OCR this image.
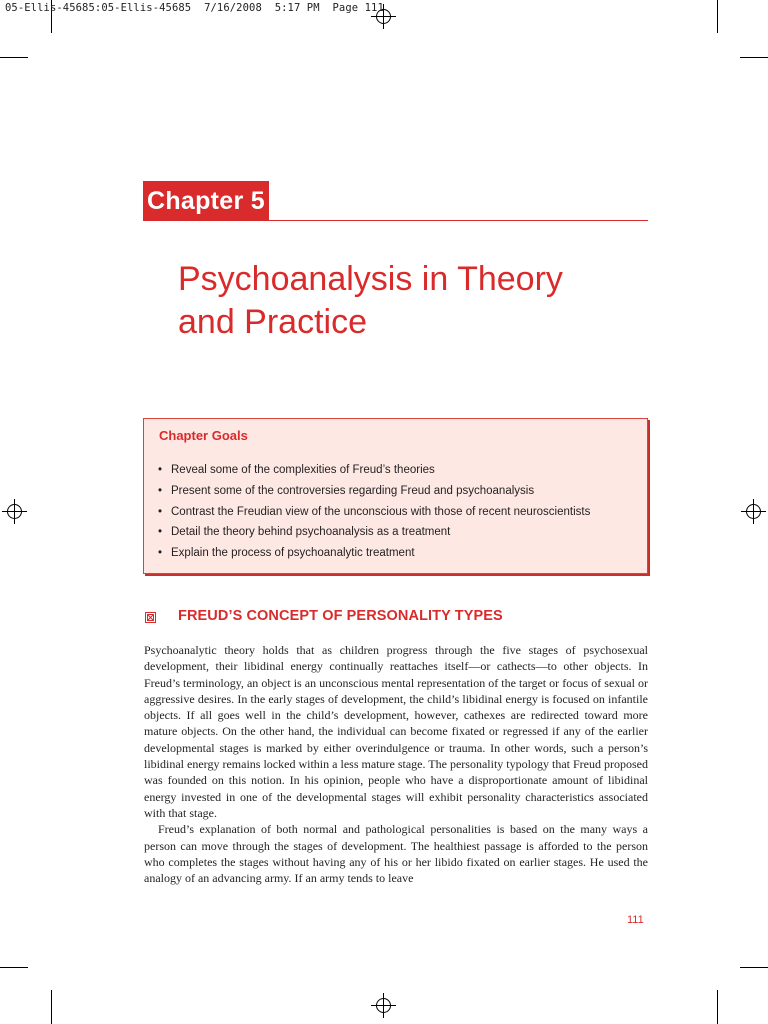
05-Ellis-45685:05-Ellis-45685  7/16/2008  5:17 PM  Page 111
Chapter 5
Psychoanalysis in Theory
and Practice
Chapter Goals
• Reveal some of the complexities of Freud’s theories
• Present some of the controversies regarding Freud and psychoanalysis
• Contrast the Freudian view of the unconscious with those of recent neuroscientists
• Detail the theory behind psychoanalysis as a treatment
• Explain the process of psychoanalytic treatment
FREUD’S CONCEPT OF PERSONALITY TYPES

Psychoanalytic theory holds that as children progress through the five stages of psychosexual development, their libidinal energy continually reattaches itself—or cathects—to other objects. In Freud’s terminology, an object is an unconscious mental representation of the target or focus of sexual or aggressive desires. In the early stages of development, the child’s libidinal energy is focused on infantile objects. If all goes well in the child’s development, however, cathexes are redirected toward more mature objects. On the other hand, the individual can become fixated or regressed if any of the earlier developmental stages is marked by either overindulgence or trauma. In other words, such a person’s libidinal energy remains locked within a less mature stage. The personality typology that Freud proposed was founded on this notion. In his opinion, people who have a disproportionate amount of libidinal energy invested in one of the developmental stages will exhibit personality characteristics associated with that stage.

Freud’s explanation of both normal and pathological personalities is based on the many ways a person can move through the stages of development. The healthiest passage is afforded to the person who completes the stages without having any of his or her libido fixated on earlier stages. He used the analogy of an advancing army. If an army tends to leave

111
